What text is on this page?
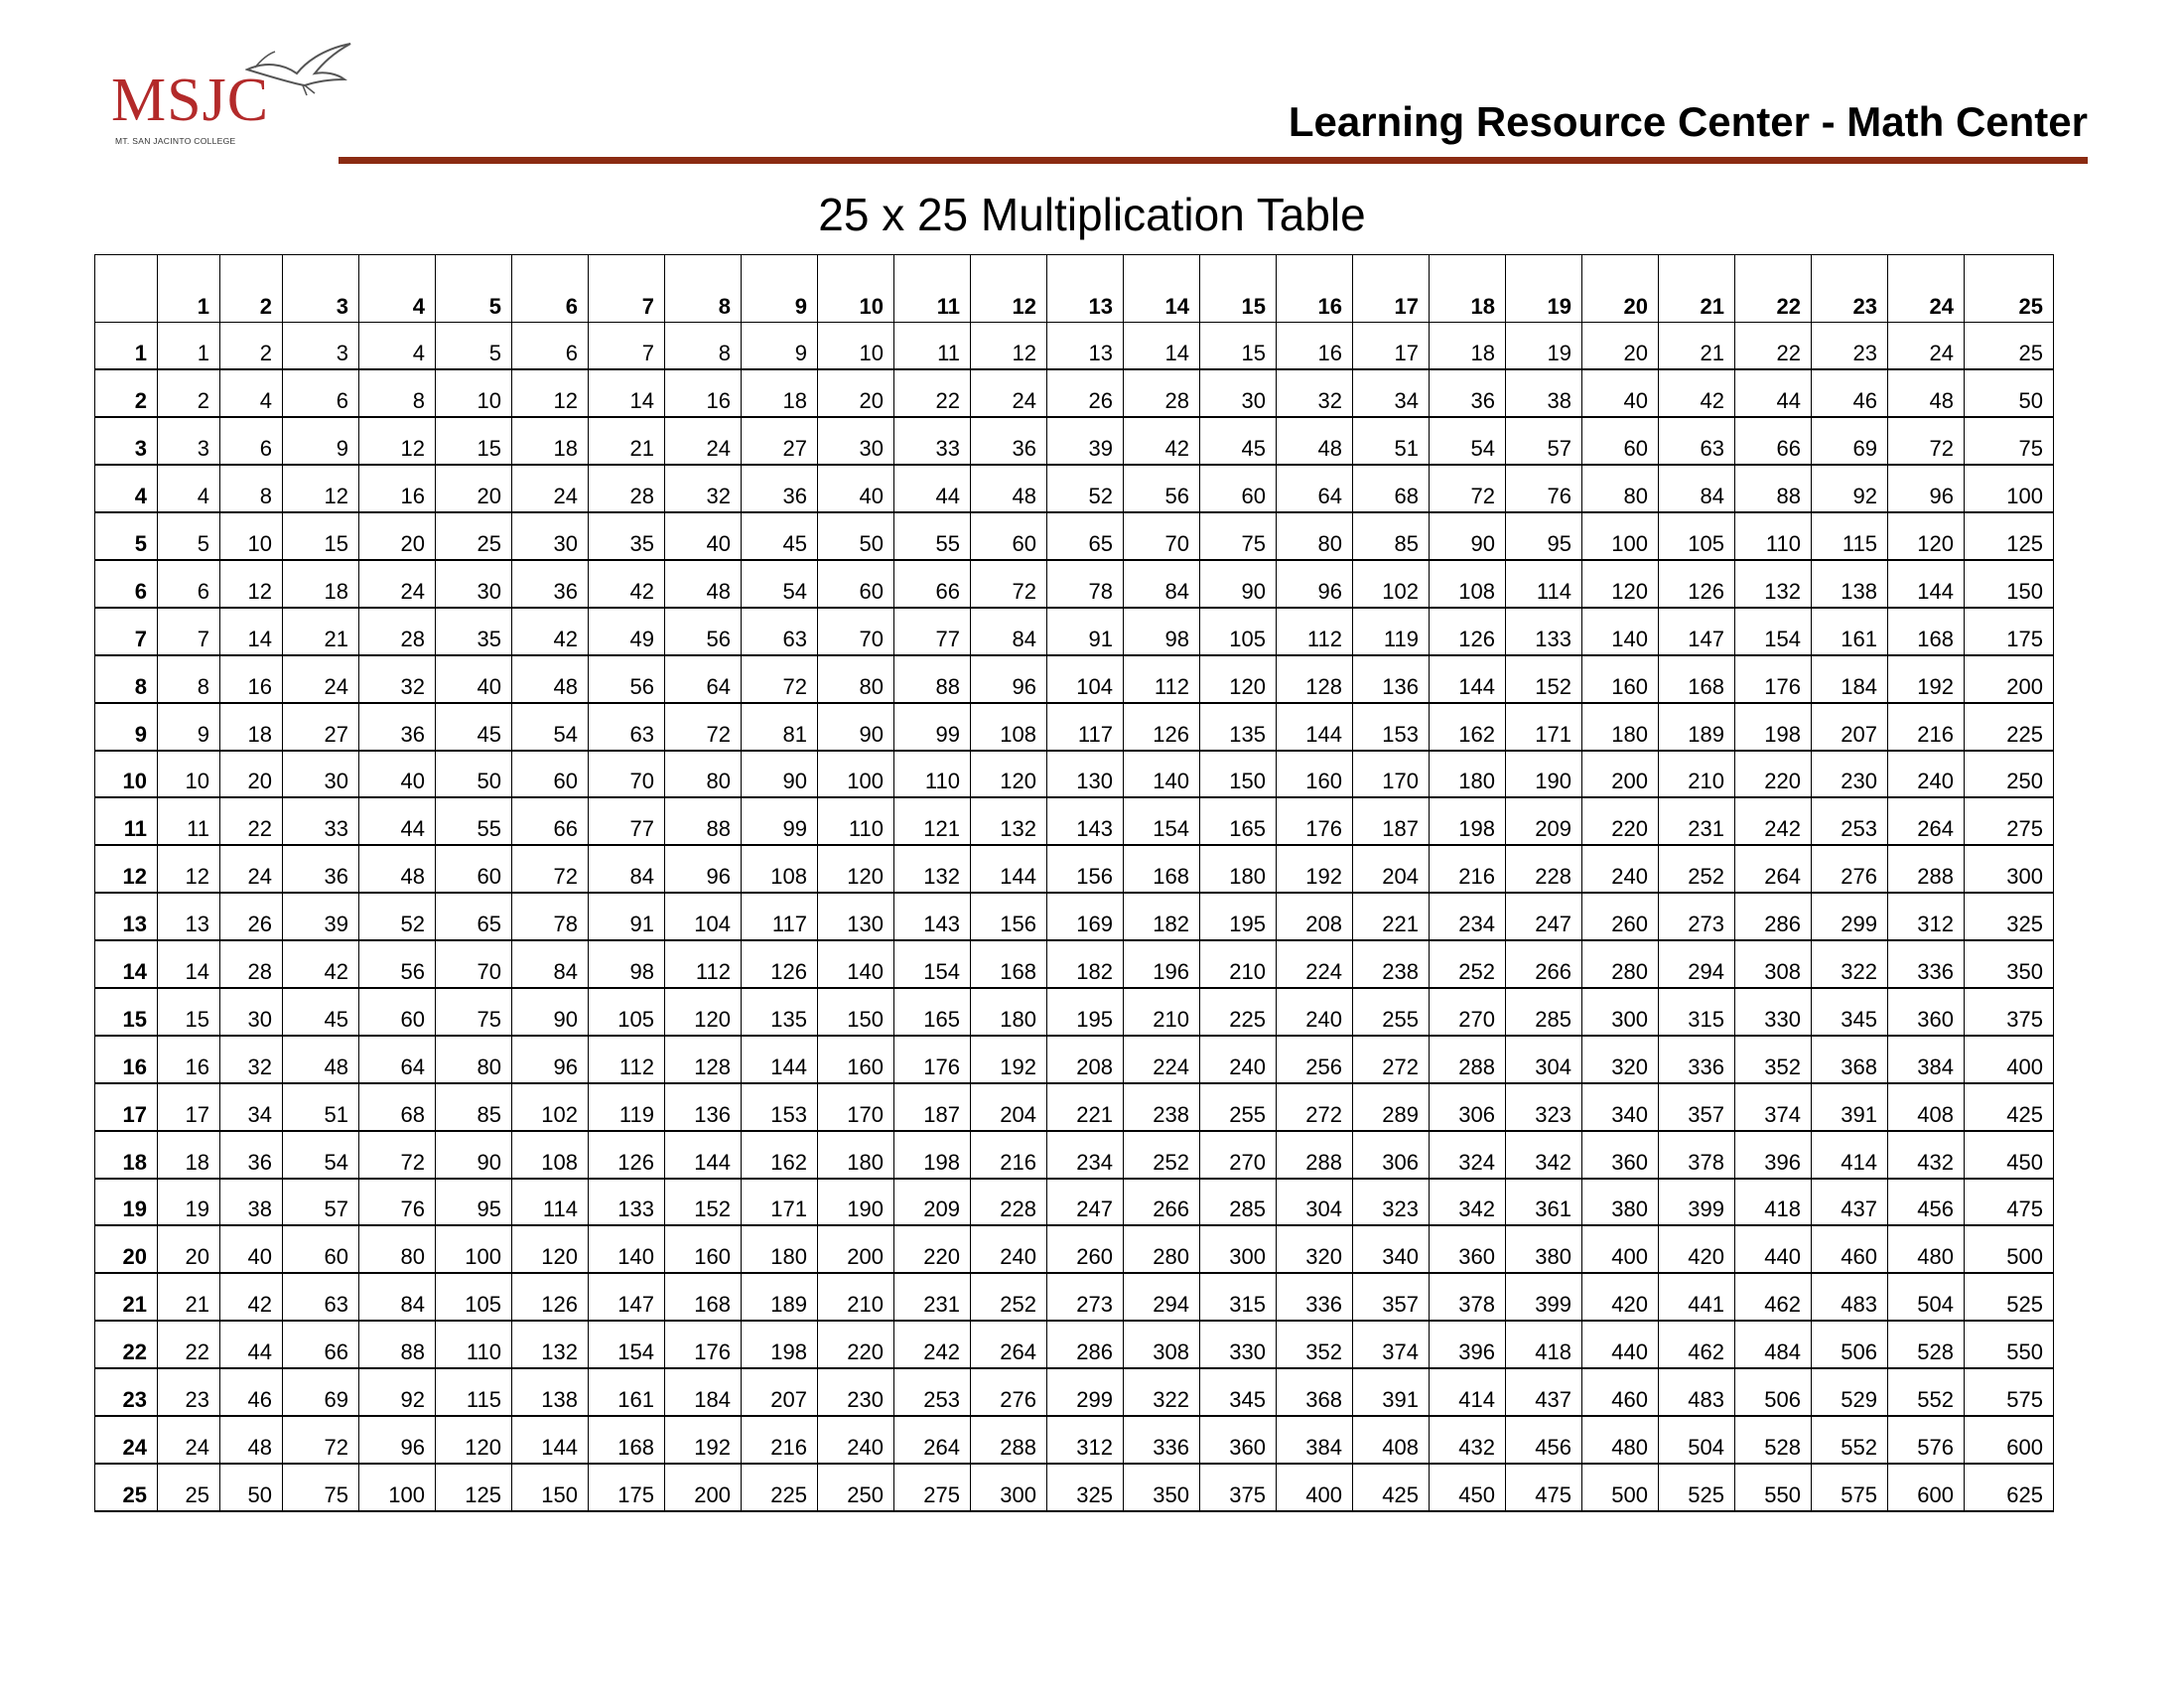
MSJC
MT. SAN JACINTO COLLEGE	Learning Resource Center - Math Center
25 x 25 Multiplication Table
	1	2	3	4	5	6	7	8	9	10	11	12	13	14	15	16	17	18	19	20	21	22	23	24	25
1	1	2	3	4	5	6	7	8	9	10	11	12	13	14	15	16	17	18	19	20	21	22	23	24	25
2	2	4	6	8	10	12	14	16	18	20	22	24	26	28	30	32	34	36	38	40	42	44	46	48	50
3	3	6	9	12	15	18	21	24	27	30	33	36	39	42	45	48	51	54	57	60	63	66	69	72	75
4	4	8	12	16	20	24	28	32	36	40	44	48	52	56	60	64	68	72	76	80	84	88	92	96	100
5	5	10	15	20	25	30	35	40	45	50	55	60	65	70	75	80	85	90	95	100	105	110	115	120	125
6	6	12	18	24	30	36	42	48	54	60	66	72	78	84	90	96	102	108	114	120	126	132	138	144	150
7	7	14	21	28	35	42	49	56	63	70	77	84	91	98	105	112	119	126	133	140	147	154	161	168	175
8	8	16	24	32	40	48	56	64	72	80	88	96	104	112	120	128	136	144	152	160	168	176	184	192	200
9	9	18	27	36	45	54	63	72	81	90	99	108	117	126	135	144	153	162	171	180	189	198	207	216	225
10	10	20	30	40	50	60	70	80	90	100	110	120	130	140	150	160	170	180	190	200	210	220	230	240	250
11	11	22	33	44	55	66	77	88	99	110	121	132	143	154	165	176	187	198	209	220	231	242	253	264	275
12	12	24	36	48	60	72	84	96	108	120	132	144	156	168	180	192	204	216	228	240	252	264	276	288	300
13	13	26	39	52	65	78	91	104	117	130	143	156	169	182	195	208	221	234	247	260	273	286	299	312	325
14	14	28	42	56	70	84	98	112	126	140	154	168	182	196	210	224	238	252	266	280	294	308	322	336	350
15	15	30	45	60	75	90	105	120	135	150	165	180	195	210	225	240	255	270	285	300	315	330	345	360	375
16	16	32	48	64	80	96	112	128	144	160	176	192	208	224	240	256	272	288	304	320	336	352	368	384	400
17	17	34	51	68	85	102	119	136	153	170	187	204	221	238	255	272	289	306	323	340	357	374	391	408	425
18	18	36	54	72	90	108	126	144	162	180	198	216	234	252	270	288	306	324	342	360	378	396	414	432	450
19	19	38	57	76	95	114	133	152	171	190	209	228	247	266	285	304	323	342	361	380	399	418	437	456	475
20	20	40	60	80	100	120	140	160	180	200	220	240	260	280	300	320	340	360	380	400	420	440	460	480	500
21	21	42	63	84	105	126	147	168	189	210	231	252	273	294	315	336	357	378	399	420	441	462	483	504	525
22	22	44	66	88	110	132	154	176	198	220	242	264	286	308	330	352	374	396	418	440	462	484	506	528	550
23	23	46	69	92	115	138	161	184	207	230	253	276	299	322	345	368	391	414	437	460	483	506	529	552	575
24	24	48	72	96	120	144	168	192	216	240	264	288	312	336	360	384	408	432	456	480	504	528	552	576	600
25	25	50	75	100	125	150	175	200	225	250	275	300	325	350	375	400	425	450	475	500	525	550	575	600	625
